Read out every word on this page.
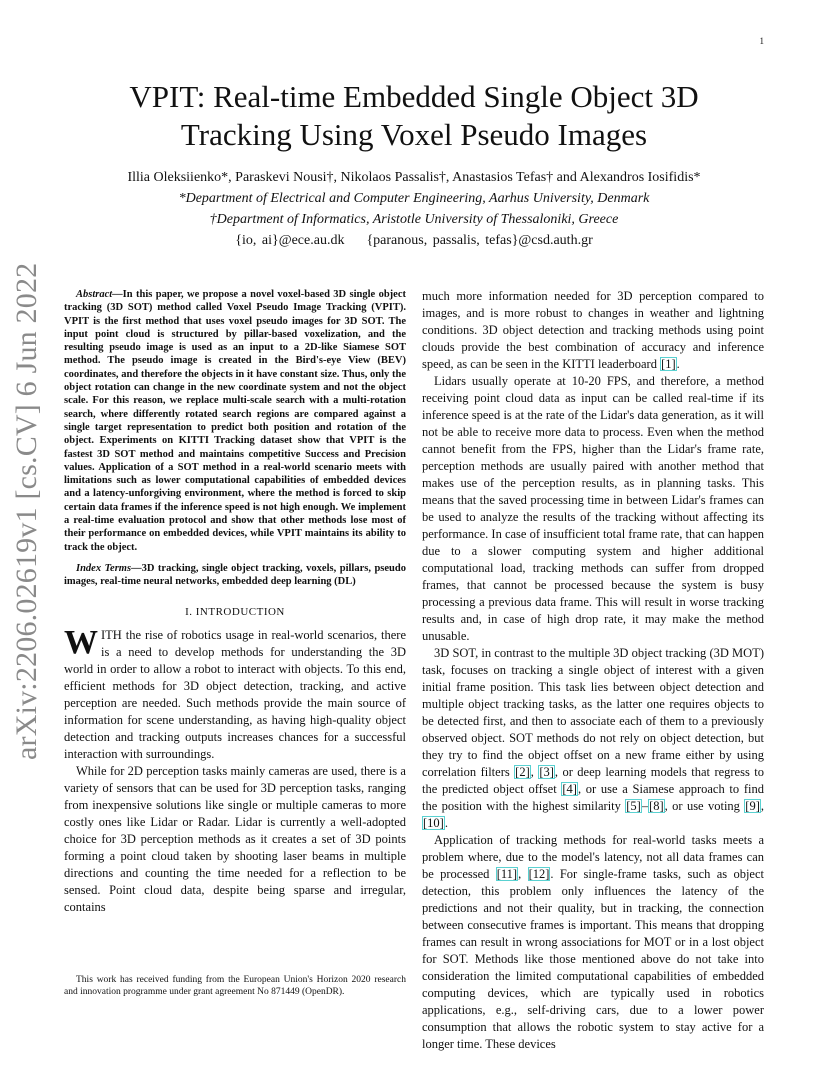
1
arXiv:2206.02619v1 [cs.CV] 6 Jun 2022
VPIT: Real-time Embedded Single Object 3D
Tracking Using Voxel Pseudo Images
Illia Oleksiienko*, Paraskevi Nousi†, Nikolaos Passalis†, Anastasios Tefas† and Alexandros Iosifidis*
*Department of Electrical and Computer Engineering, Aarhus University, Denmark
†Department of Informatics, Aristotle University of Thessaloniki, Greece
{io, ai}@ece.au.dk {paranous, passalis, tefas}@csd.auth.gr

Abstract—In this paper, we propose a novel voxel-based 3D single object tracking (3D SOT) method called Voxel Pseudo Image Tracking (VPIT). VPIT is the first method that uses voxel pseudo images for 3D SOT. The input point cloud is structured by pillar-based voxelization, and the resulting pseudo image is used as an input to a 2D-like Siamese SOT method. The pseudo image is created in the Bird's-eye View (BEV) coordinates, and therefore the objects in it have constant size. Thus, only the object rotation can change in the new coordinate system and not the object scale. For this reason, we replace multi-scale search with a multi-rotation search, where differently rotated search regions are compared against a single target representation to predict both position and rotation of the object. Experiments on KITTI Tracking dataset show that VPIT is the fastest 3D SOT method and maintains competitive Success and Precision values. Application of a SOT method in a real-world scenario meets with limitations such as lower computational capabilities of embedded devices and a latency-unforgiving environment, where the method is forced to skip certain data frames if the inference speed is not high enough. We implement a real-time evaluation protocol and show that other methods lose most of their performance on embedded devices, while VPIT maintains its ability to track the object.

Index Terms—3D tracking, single object tracking, voxels, pillars, pseudo images, real-time neural networks, embedded deep learning (DL)

I. INTRODUCTION

WITH the rise of robotics usage in real-world scenarios, there is a need to develop methods for understanding the 3D world in order to allow a robot to interact with objects. To this end, efficient methods for 3D object detection, tracking, and active perception are needed. Such methods provide the main source of information for scene understanding, as having high-quality object detection and tracking outputs increases chances for a successful interaction with surroundings.

While for 2D perception tasks mainly cameras are used, there is a variety of sensors that can be used for 3D perception tasks, ranging from inexpensive solutions like single or multiple cameras to more costly ones like Lidar or Radar. Lidar is currently a well-adopted choice for 3D perception methods as it creates a set of 3D points forming a point cloud taken by shooting laser beams in multiple directions and counting the time needed for a reflection to be sensed. Point cloud data, despite being sparse and irregular, contains

This work has received funding from the European Union's Horizon 2020 research and innovation programme under grant agreement No 871449 (OpenDR).

much more information needed for 3D perception compared to images, and is more robust to changes in weather and lightning conditions. 3D object detection and tracking methods using point clouds provide the best combination of accuracy and inference speed, as can be seen in the KITTI leaderboard [1].

Lidars usually operate at 10-20 FPS, and therefore, a method receiving point cloud data as input can be called real-time if its inference speed is at the rate of the Lidar's data generation, as it will not be able to receive more data to process. Even when the method cannot benefit from the FPS, higher than the Lidar's frame rate, perception methods are usually paired with another method that makes use of the perception results, as in planning tasks. This means that the saved processing time in between Lidar's frames can be used to analyze the results of the tracking without affecting its performance. In case of insufficient total frame rate, that can happen due to a slower computing system and higher additional computational load, tracking methods can suffer from dropped frames, that cannot be processed because the system is busy processing a previous data frame. This will result in worse tracking results and, in case of high drop rate, it may make the method unusable.

3D SOT, in contrast to the multiple 3D object tracking (3D MOT) task, focuses on tracking a single object of interest with a given initial frame position. This task lies between object detection and multiple object tracking tasks, as the latter one requires objects to be detected first, and then to associate each of them to a previously observed object. SOT methods do not rely on object detection, but they try to find the object offset on a new frame either by using correlation filters [2], [3], or deep learning models that regress to the predicted object offset [4], or use a Siamese approach to find the position with the highest similarity [5]–[8], or use voting [9], [10].

Application of tracking methods for real-world tasks meets a problem where, due to the model's latency, not all data frames can be processed [11], [12]. For single-frame tasks, such as object detection, this problem only influences the latency of the predictions and not their quality, but in tracking, the connection between consecutive frames is important. This means that dropping frames can result in wrong associations for MOT or in a lost object for SOT. Methods like those mentioned above do not take into consideration the limited computational capabilities of embedded computing devices, which are typically used in robotics applications, e.g., self-driving cars, due to a lower power consumption that allows the robotic system to stay active for a longer time. These devices
